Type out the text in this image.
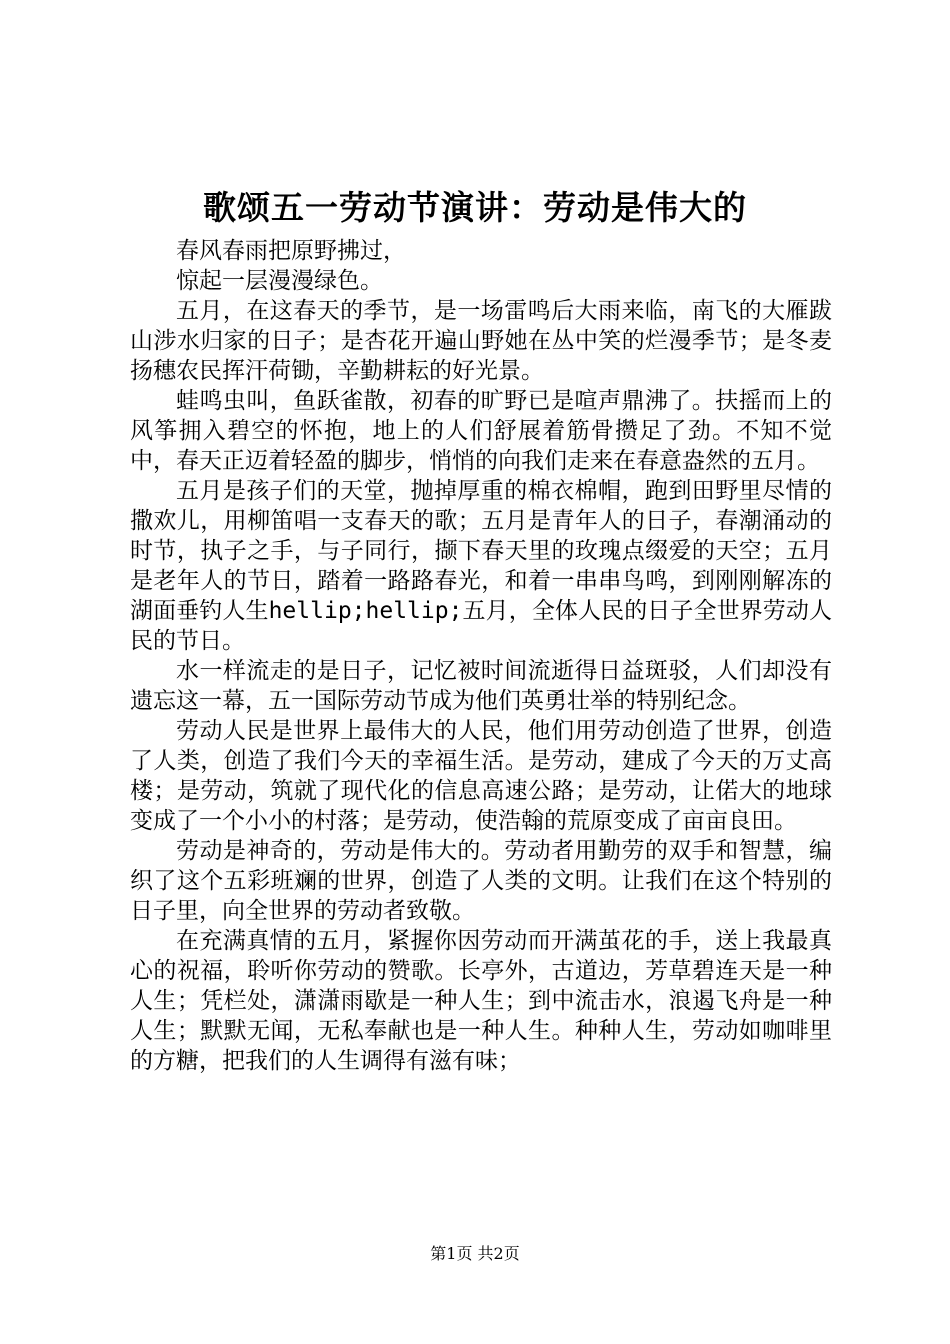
歌颂五一劳动节演讲：劳动是伟大的

春风春雨把原野拂过，

惊起一层漫漫绿色。

五月，在这春天的季节，是一场雷鸣后大雨来临，南飞的大雁跋山涉水归家的日子；是杏花开遍山野她在丛中笑的烂漫季节；是冬麦扬穗农民挥汗荷锄，辛勤耕耘的好光景。

蛙鸣虫叫，鱼跃雀散，初春的旷野已是喧声鼎沸了。扶摇而上的风筝拥入碧空的怀抱，地上的人们舒展着筋骨攒足了劲。不知不觉中，春天正迈着轻盈的脚步，悄悄的向我们走来在春意盎然的五月。

五月是孩子们的天堂，抛掉厚重的棉衣棉帽，跑到田野里尽情的撒欢儿，用柳笛唱一支春天的歌；五月是青年人的日子，春潮涌动的时节，执子之手，与子同行，撷下春天里的玫瑰点缀爱的天空；五月是老年人的节日，踏着一路路春光，和着一串串鸟鸣，到刚刚解冻的湖面垂钓人生hellip;hellip;五月，全体人民的日子全世界劳动人民的节日。

水一样流走的是日子，记忆被时间流逝得日益斑驳，人们却没有遗忘这一幕，五一国际劳动节成为他们英勇壮举的特别纪念。

劳动人民是世界上最伟大的人民，他们用劳动创造了世界，创造了人类，创造了我们今天的幸福生活。是劳动，建成了今天的万丈高楼；是劳动，筑就了现代化的信息高速公路；是劳动，让偌大的地球变成了一个小小的村落；是劳动，使浩翰的荒原变成了亩亩良田。

劳动是神奇的，劳动是伟大的。劳动者用勤劳的双手和智慧，编织了这个五彩班斓的世界，创造了人类的文明。让我们在这个特别的日子里，向全世界的劳动者致敬。

在充满真情的五月，紧握你因劳动而开满茧花的手，送上我最真心的祝福，聆听你劳动的赞歌。长亭外，古道边，芳草碧连天是一种人生；凭栏处，潇潇雨歇是一种人生；到中流击水，浪遏飞舟是一种人生；默默无闻，无私奉献也是一种人生。种种人生，劳动如咖啡里的方糖，把我们的人生调得有滋有味；

第1页 共2页
